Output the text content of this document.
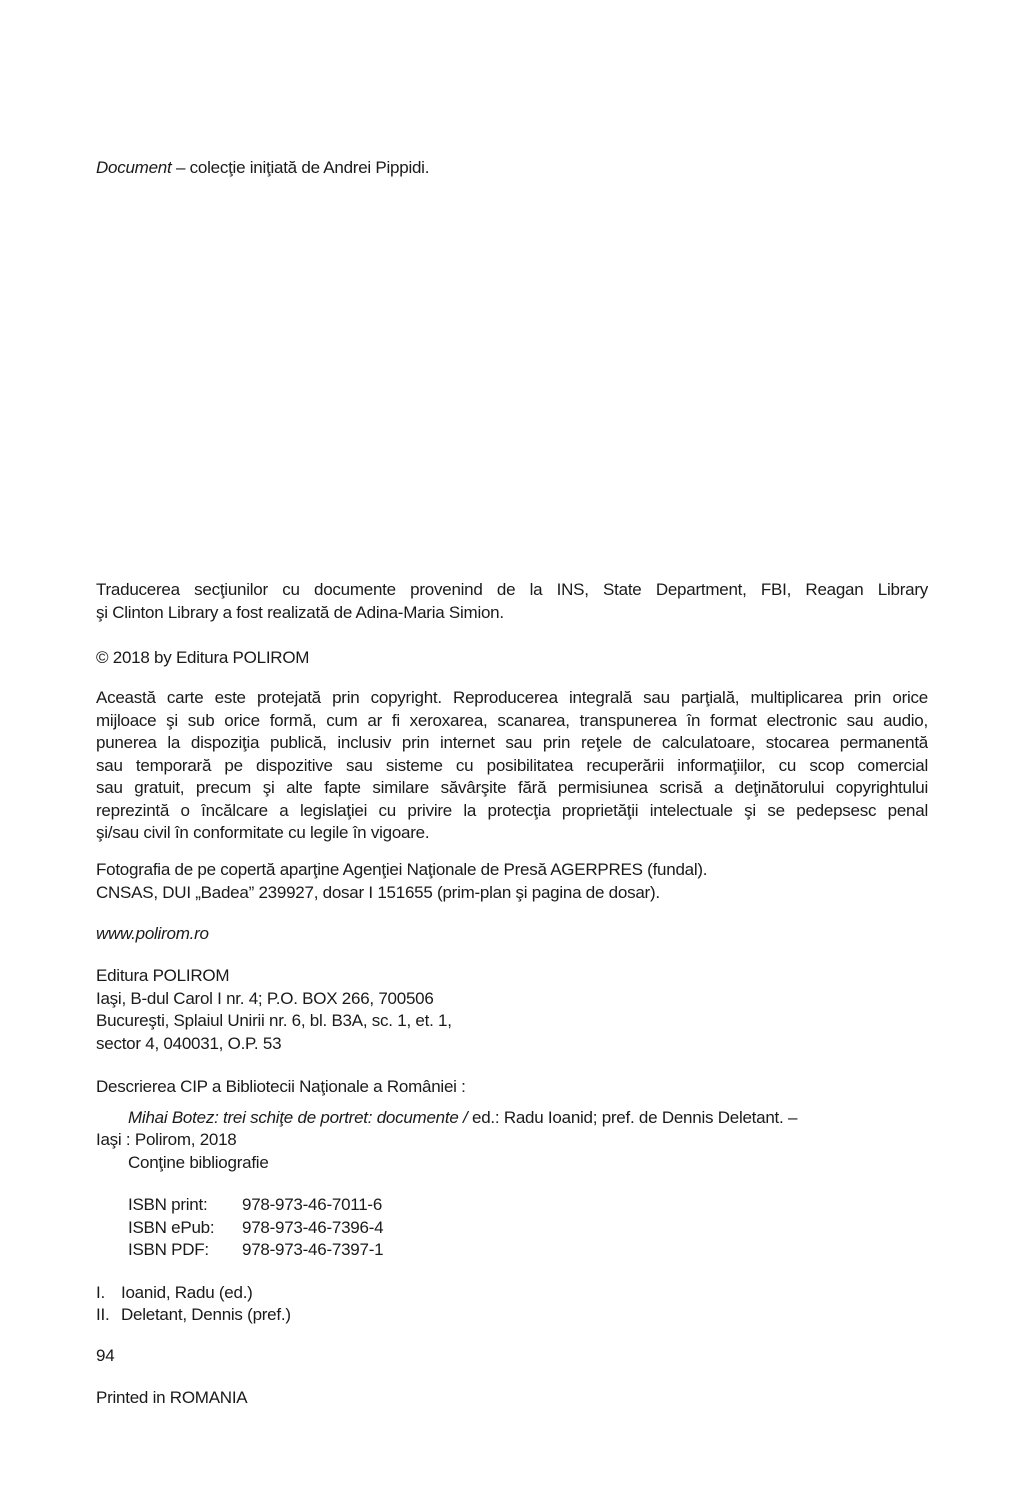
Document – colecţie iniţiată de Andrei Pippidi.
Traducerea secţiunilor cu documente provenind de la INS, State Department, FBI, Reagan Library
şi Clinton Library a fost realizată de Adina-Maria Simion.
© 2018 by Editura POLIROM
Această carte este protejată prin copyright. Reproducerea integrală sau parţială, multiplicarea prin orice
mijloace şi sub orice formă, cum ar fi xeroxarea, scanarea, transpunerea în format electronic sau audio,
punerea la dispoziţia publică, inclusiv prin internet sau prin reţele de calculatoare, stocarea permanentă
sau temporară pe dispozitive sau sisteme cu posibilitatea recuperării informaţiilor, cu scop comercial
sau gratuit, precum şi alte fapte similare săvârşite fără permisiunea scrisă a deţinătorului copyrightului
reprezintă o încălcare a legislaţiei cu privire la protecţia proprietăţii intelectuale şi se pedepsesc penal
şi/sau civil în conformitate cu legile în vigoare.
Fotografia de pe copertă aparţine Agenţiei Naţionale de Presă AGERPRES (fundal).
CNSAS, DUI „Badea” 239927, dosar I 151655 (prim-plan şi pagina de dosar).
www.polirom.ro
Editura POLIROM
Iaşi, B-dul Carol I nr. 4; P.O. BOX 266, 700506
Bucureşti, Splaiul Unirii nr. 6, bl. B3A, sc. 1, et. 1,
sector 4, 040031, O.P. 53
Descrierea CIP a Bibliotecii Naţionale a României :
Mihai Botez: trei schiţe de portret: documente / ed.: Radu Ioanid; pref. de Dennis Deletant. –
Iaşi : Polirom, 2018
Conţine bibliografie
ISBN print: 978-973-46-7011-6
ISBN ePub: 978-973-46-7396-4
ISBN PDF: 978-973-46-7397-1
I. Ioanid, Radu (ed.)
II. Deletant, Dennis (pref.)
94
Printed in ROMANIA
